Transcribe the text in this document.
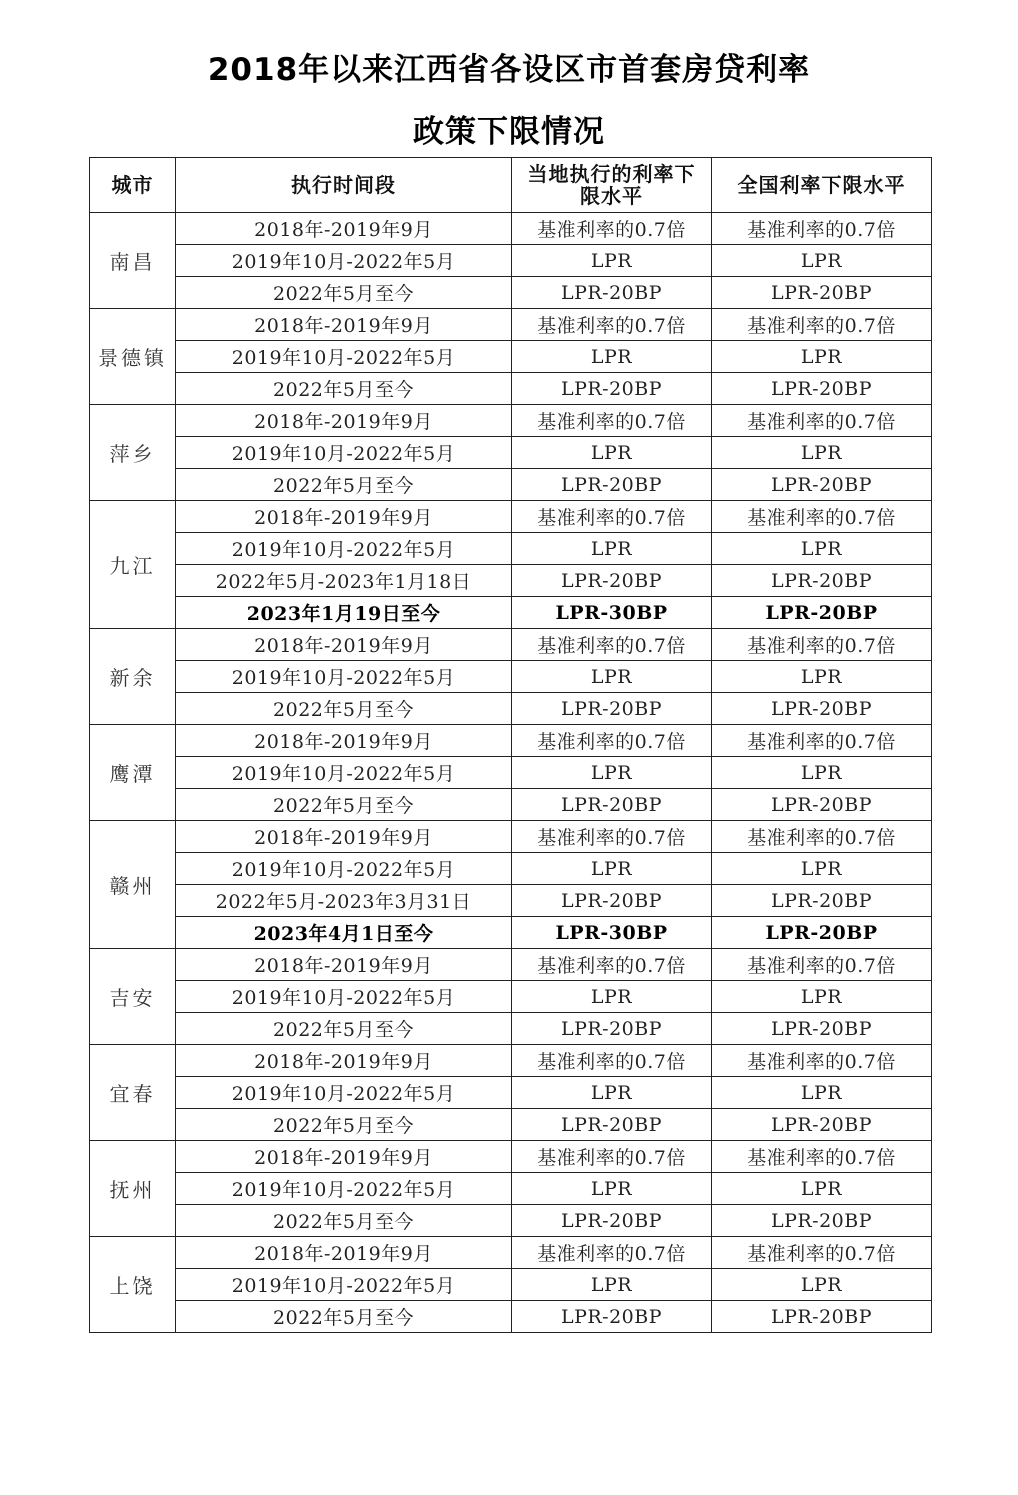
2018年以来江西省各设区市首套房贷利率
政策下限情况
城市	执行时间段	当地执行的利率下限水平	全国利率下限水平
南昌	2018年-2019年9月	基准利率的0.7倍	基准利率的0.7倍
	2019年10月-2022年5月	LPR	LPR
	2022年5月至今	LPR-20BP	LPR-20BP
景德镇	2018年-2019年9月	基准利率的0.7倍	基准利率的0.7倍
	2019年10月-2022年5月	LPR	LPR
	2022年5月至今	LPR-20BP	LPR-20BP
萍乡	2018年-2019年9月	基准利率的0.7倍	基准利率的0.7倍
	2019年10月-2022年5月	LPR	LPR
	2022年5月至今	LPR-20BP	LPR-20BP
九江	2018年-2019年9月	基准利率的0.7倍	基准利率的0.7倍
	2019年10月-2022年5月	LPR	LPR
	2022年5月-2023年1月18日	LPR-20BP	LPR-20BP
	2023年1月19日至今	LPR-30BP	LPR-20BP
新余	2018年-2019年9月	基准利率的0.7倍	基准利率的0.7倍
	2019年10月-2022年5月	LPR	LPR
	2022年5月至今	LPR-20BP	LPR-20BP
鹰潭	2018年-2019年9月	基准利率的0.7倍	基准利率的0.7倍
	2019年10月-2022年5月	LPR	LPR
	2022年5月至今	LPR-20BP	LPR-20BP
赣州	2018年-2019年9月	基准利率的0.7倍	基准利率的0.7倍
	2019年10月-2022年5月	LPR	LPR
	2022年5月-2023年3月31日	LPR-20BP	LPR-20BP
	2023年4月1日至今	LPR-30BP	LPR-20BP
吉安	2018年-2019年9月	基准利率的0.7倍	基准利率的0.7倍
	2019年10月-2022年5月	LPR	LPR
	2022年5月至今	LPR-20BP	LPR-20BP
宜春	2018年-2019年9月	基准利率的0.7倍	基准利率的0.7倍
	2019年10月-2022年5月	LPR	LPR
	2022年5月至今	LPR-20BP	LPR-20BP
抚州	2018年-2019年9月	基准利率的0.7倍	基准利率的0.7倍
	2019年10月-2022年5月	LPR	LPR
	2022年5月至今	LPR-20BP	LPR-20BP
上饶	2018年-2019年9月	基准利率的0.7倍	基准利率的0.7倍
	2019年10月-2022年5月	LPR	LPR
	2022年5月至今	LPR-20BP	LPR-20BP
